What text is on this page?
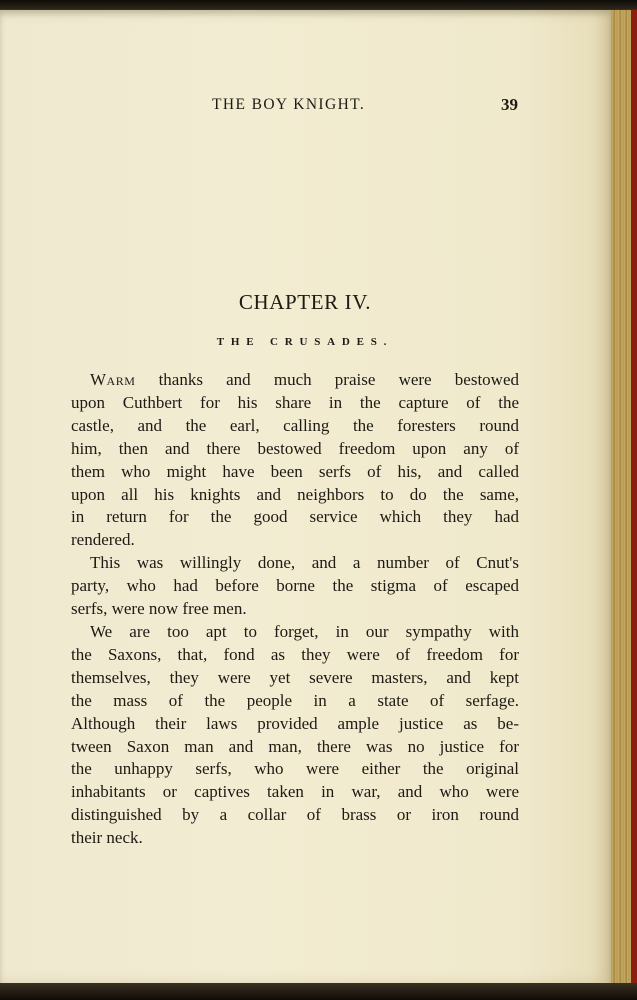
THE BOY KNIGHT.	39
CHAPTER IV.
THE CRUSADES.
Warm thanks and much praise were bestowed
upon Cuthbert for his share in the capture of the
castle, and the earl, calling the foresters round
him, then and there bestowed freedom upon any of
them who might have been serfs of his, and called
upon all his knights and neighbors to do the same,
in return for the good service which they had
rendered.
This was willingly done, and a number of Cnut's
party, who had before borne the stigma of escaped
serfs, were now free men.
We are too apt to forget, in our sympathy with
the Saxons, that, fond as they were of freedom for
themselves, they were yet severe masters, and kept
the mass of the people in a state of serfage.
Although their laws provided ample justice as be-
tween Saxon man and man, there was no justice for
the unhappy serfs, who were either the original
inhabitants or captives taken in war, and who were
distinguished by a collar of brass or iron round
their neck.
